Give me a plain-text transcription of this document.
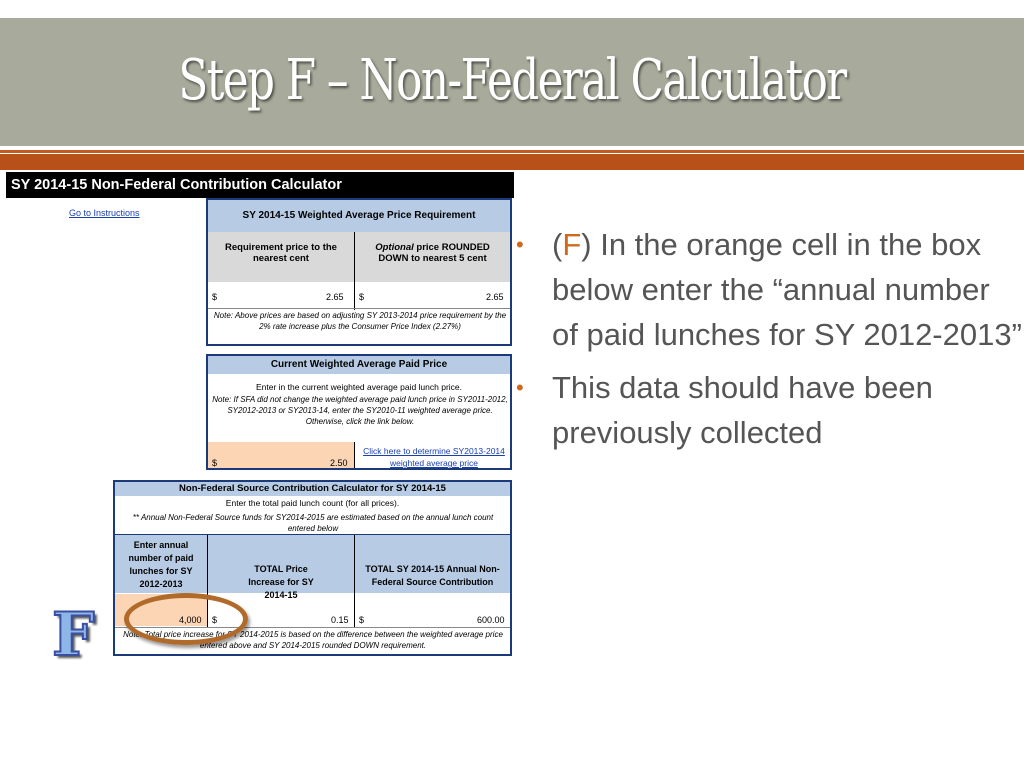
Step F – Non-Federal Calculator
SY 2014-15 Non-Federal Contribution Calculator
Go to Instructions	SY 2014-15 Weighted Average Price Requirement
Requirement price to the nearest cent
Optional price ROUNDED DOWN to nearest 5 cent
$	2.65 $	2.65
Note: Above prices are based on adjusting SY 2013-2014 price requirement by the 2% rate increase plus the Consumer Price Index (2.27%)
Current Weighted Average Paid Price
Enter in the current weighted average paid lunch price.
Note: If SFA did not change the weighted average paid lunch price in SY2011-2012, SY2012-2013 or SY2013-14, enter the SY2010-11 weighted average price. Otherwise, click the link below.
$	2.50
Click here to determine SY2013-2014 weighted average price
Non-Federal Source Contribution Calculator for SY 2014-15
Enter the total paid lunch count (for all prices).
** Annual Non-Federal Source funds for SY2014-2015 are estimated based on the annual lunch count entered below
Enter annual number of paid lunches for SY 2012-2013
TOTAL Price Increase for SY 2014-15
TOTAL SY 2014-15 Annual Non-Federal Source Contribution
4,000 $	0.15 $	600.00
Note: Total price increase for SY 2014-2015 is based on the difference between the weighted average price entered above and SY 2014-2015 rounded DOWN requirement.
F
• (F) In the orange cell in the box below enter the “annual number of paid lunches for SY 2012-2013”
• This data should have been previously collected
